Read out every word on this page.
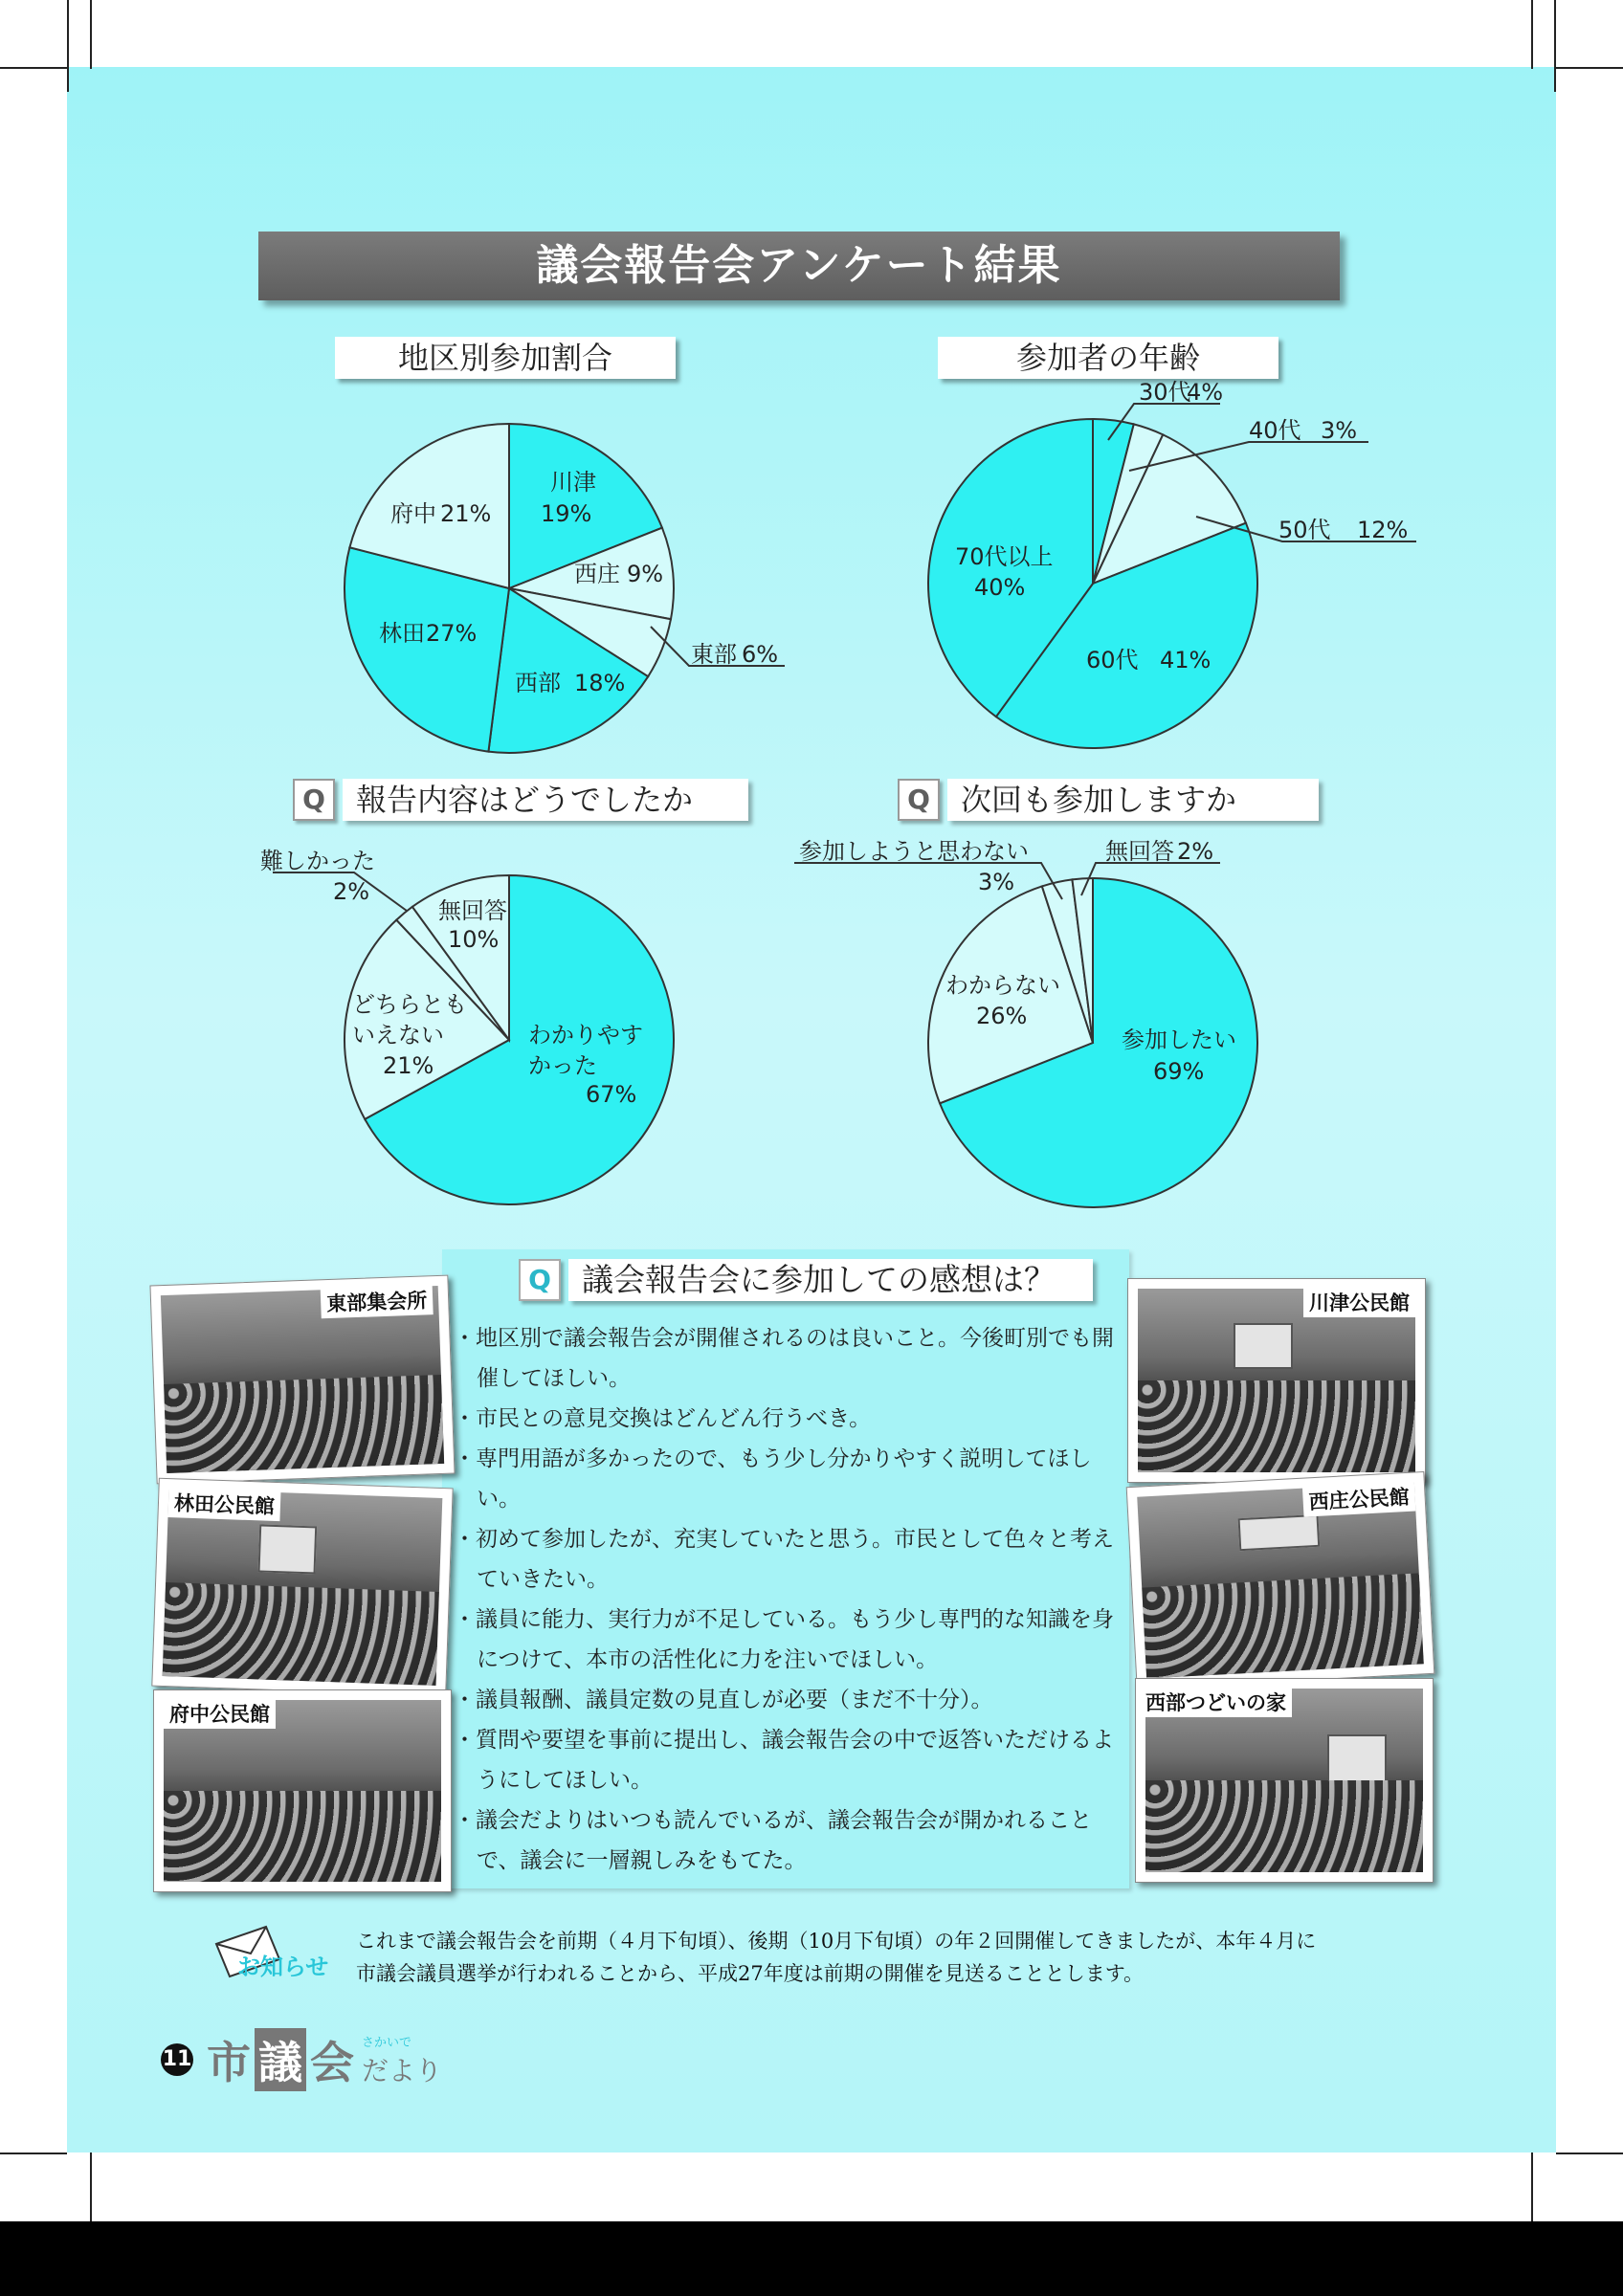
議会報告会アンケート結果
地区別参加割合
川津
19%
西庄 9%
東部 6%
西部 18%
林田 27%
府中 21%
参加者の年齢
30代
4%
40代 3%
50代 12%
60代 41%
70代以上
40%
Q	報告内容はどうでしたか
わかりやす
かった
67%
どちらとも
いえない
21%
難しかった
2%
無回答
10%
Q	次回も参加しますか
参加したい
69%
わからない
26%
参加しようと思わない
3%
無回答 2%
Q 議会報告会に参加しての感想は？
・ 地区別で議会報告会が開催されるのは良いこと。今後町別でも開催してほしい。
・ 市民との意見交換はどんどん行うべき。
・ 専門用語が多かったので、もう少し分かりやすく説明してほしい。
・ 初めて参加したが、充実していたと思う。市民として色々と考えていきたい。
・ 議員に能力、実行力が不足している。もう少し専門的な知識を身につけて、本市の活性化に力を注いでほしい。
・ 議員報酬、議員定数の見直しが必要（まだ不十分）。
・ 質問や要望を事前に提出し、議会報告会の中で返答いただけるようにしてほしい。
・ 議会だよりはいつも読んでいるが、議会報告会が開かれることで、議会に一層親しみをもてた。
東部集会所
林田公民館
府中公民館
川津公民館
西庄公民館
西部つどいの家
お知らせ
これまで議会報告会を前期（４月下旬頃）、後期（10月下旬頃）の年２回開催してきましたが、本年４月に市議会議員選挙が行われることから、平成27年度は前期の開催を見送ることとします。
11 市 議 会 さかいで
だより
